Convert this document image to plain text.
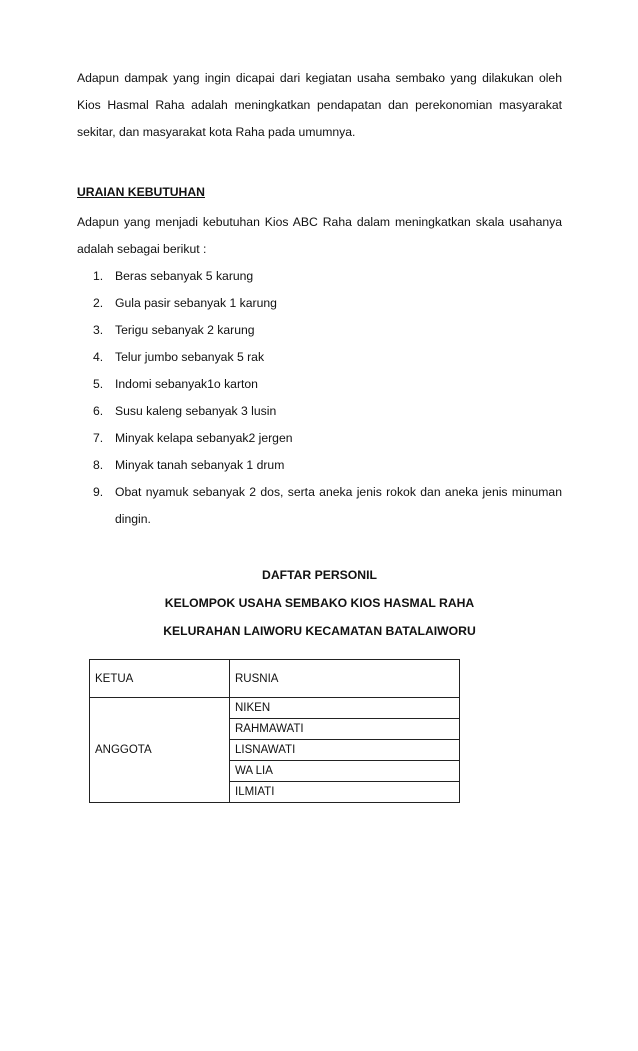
Adapun dampak yang ingin dicapai dari kegiatan usaha sembako yang dilakukan oleh Kios Hasmal Raha adalah meningkatkan pendapatan dan perekonomian masyarakat sekitar, dan masyarakat kota Raha pada umumnya.

URAIAN KEBUTUHAN

Adapun yang menjadi kebutuhan Kios ABC Raha dalam meningkatkan skala usahanya adalah sebagai berikut :

1. Beras sebanyak 5 karung
2. Gula pasir sebanyak 1 karung
3. Terigu sebanyak 2 karung
4. Telur jumbo sebanyak 5 rak
5. Indomi sebanyak1o karton
6. Susu kaleng sebanyak 3 lusin
7. Minyak kelapa sebanyak2 jergen
8. Minyak tanah sebanyak 1 drum
9. Obat nyamuk sebanyak 2 dos, serta aneka jenis rokok dan aneka jenis minuman dingin.
DAFTAR PERSONIL
KELOMPOK USAHA SEMBAKO KIOS HASMAL RAHA
KELURAHAN LAIWORU KECAMATAN BATALAIWORU
KETUA	RUSNIA
ANGGOTA	NIKEN
	RAHMAWATI
	LISNAWATI
	WA LIA
	ILMIATI
